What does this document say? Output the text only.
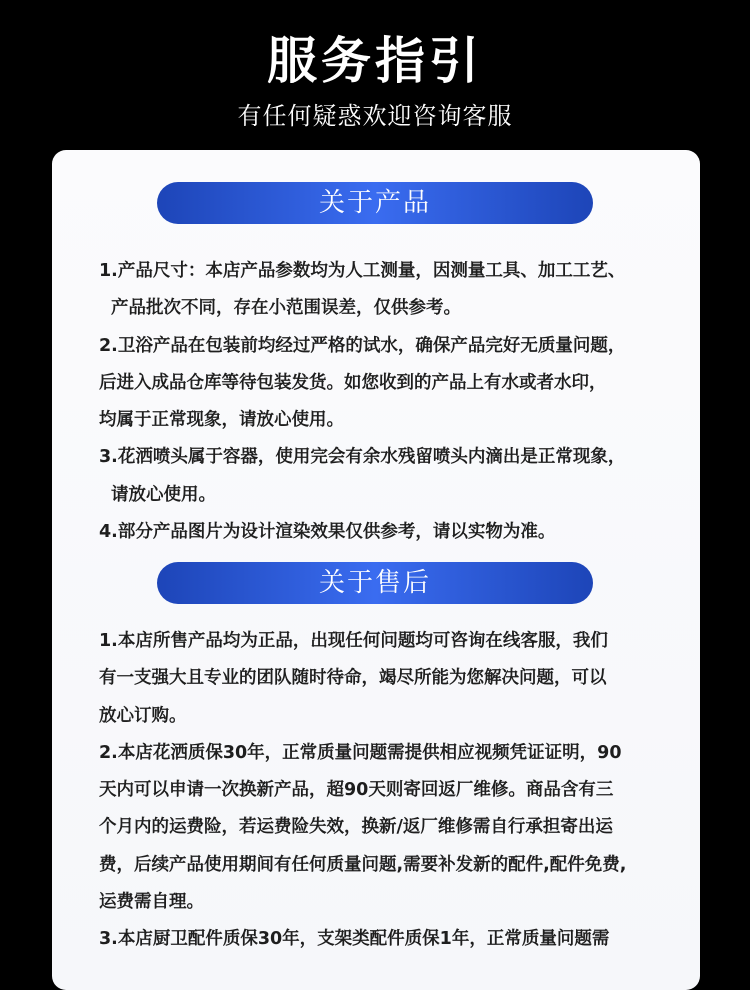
服务指引
有任何疑惑欢迎咨询客服
关于产品
1.产品尺寸：本店产品参数均为人工测量，因测量工具、加工工艺、
产品批次不同，存在小范围误差，仅供参考。
2.卫浴产品在包装前均经过严格的试水，确保产品完好无质量问题，
后进入成品仓库等待包装发货。如您收到的产品上有水或者水印，
均属于正常现象，请放心使用。
3.花洒喷头属于容器，使用完会有余水残留喷头内滴出是正常现象，
请放心使用。
4.部分产品图片为设计渲染效果仅供参考，请以实物为准。
关于售后
1.本店所售产品均为正品，出现任何问题均可咨询在线客服，我们
有一支强大且专业的团队随时待命，竭尽所能为您解决问题，可以
放心订购。
2.本店花洒质保30年，正常质量问题需提供相应视频凭证证明，90
天内可以申请一次换新产品，超90天则寄回返厂维修。商品含有三
个月内的运费险，若运费险失效，换新/返厂维修需自行承担寄出运
费，后续产品使用期间有任何质量问题,需要补发新的配件,配件免费,
运费需自理。
3.本店厨卫配件质保30年，支架类配件质保1年，正常质量问题需
